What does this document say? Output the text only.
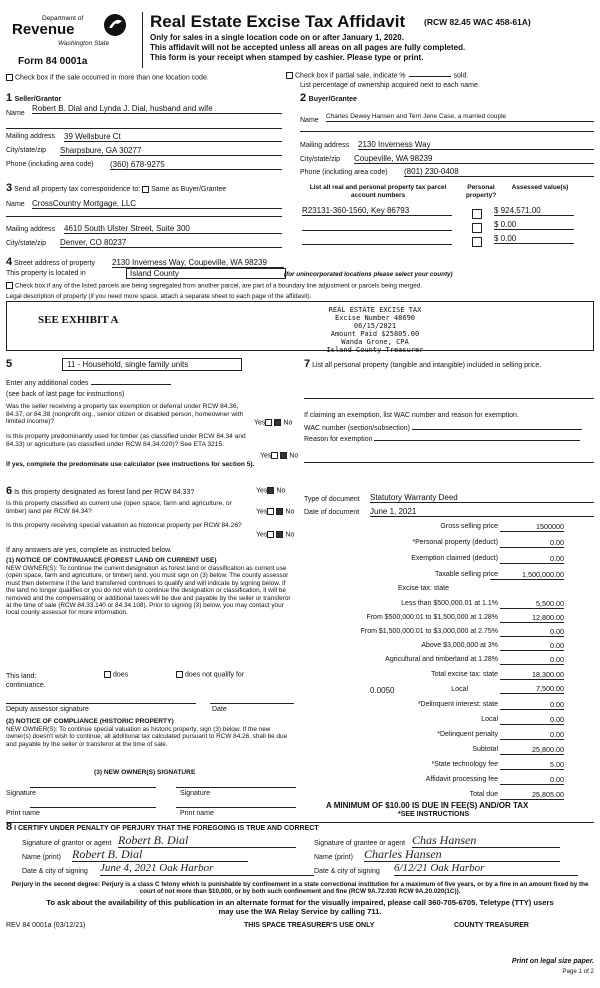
Department of
Revenue
Washington State
Form 84 0001a
Real Estate Excise Tax Affidavit (RCW 82.45 WAC 458-61A)
Only for sales in a single location code on or after January 1, 2020.
This affidavit will not be accepted unless all areas on all pages are fully completed.
This form is your receipt when stamped by cashier. Please type or print.
Check box if the sale occurred in more than one location code.	Check box if partial sale, indicate %	sold.
List percentage of ownership acquired next to each name.
1 Seller/Grantor
Name
Robert B. Dial and Lynda J. Dial, husband and wife
Mailing address 39 Wellsbure Ct
City/state/zip Sharpsbure, GA 30277
Phone (including area code) (360) 678-9275
2 Buyer/Grantee
Name
Charles Dewey Hansen and Terri Jene Case, a married couple
Mailing address 2130 Inverness Way
City/state/zip Coupeville, WA 98239
Phone (including area code) (801) 230-0408
3 Send all property tax correspondence to: Same as Buyer/Grantee
Name CrossCountry Mortgage, LLC
Mailing address 4610 South Ulster Street, Suite 300
City/state/zip Denver, CO 80237
List all real and personal property tax parcel account numbers
Personal property?
Assessed value(s)
R23131-360-1560, Key 86793	$ 924,571.00
$ 0.00
$ 0.00
4 Street address of property 2130 Inverness Way, Coupeville, WA 98239
This property is located in	Island County	(for unincorporated locations please select your county)
Check box if any of the listed parcels are being segregated from another parcel, are part of a boundary line adjustment or parcels being merged.
Legal description of property (if you need more space, attach a separate sheet to each page of the affidavit).
SEE EXHIBIT A
REAL ESTATE EXCISE TAX
Excise Number 48690
06/15/2021
Amount Paid $25805.00
Wanda Grone, CPA
Island County Treasurer
5	11 - Household, single family units
Enter any additional codes
(see back of last page for instructions)
Was the seller receiving a property tax exemption or deferral under RCW 84.36, 84.37, or 84.38 (nonprofit org., senior citizen or disabled person, homeowner with limited income)?	Yes	No
Is this property predominantly used for timber (as classified under RCW 84.34 and 84.33) or agriculture (as classified under RCW 84.34.020)? See ETA 3215.
Yes	No
If yes, complete the predominate use calculator (see instructions for section 5).
6 Is this property designated as forest land per RCW 84.33?	Yes No
Is this property classified as current use (open space, farm and agriculture, or timber) land per RCW 84.34?	Yes	No
Is this property receiving special valuation as historical property per RCW 84.26?
Yes	No
If any answers are yes, complete as instructed below.
(1) NOTICE OF CONTINUANCE (FOREST LAND OR CURRENT USE)
NEW OWNER(S): To continue the current designation as forest land or classification as current use (open space, farm and agriculture, or timber) land, you must sign on (3) below. The county assessor must then determine if the land transferred continues to qualify and will indicate by signing below. If the land no longer qualifies or you do not wish to continue the designation or classification, it will be removed and the compensating or additional taxes will be due and payable by the seller or transferor at the time of sale (RCW 84.33.140 or 84.34.108). Prior to signing (3) below, you may contact your local county assessor for more information.
This land:	does	does not qualify for
continuance.
Deputy assessor signature	Date
(2) NOTICE OF COMPLIANCE (HISTORIC PROPERTY)
NEW OWNER(S): To continue special valuation as historic property, sign (3) below. If the new owner(s) doesn't wish to continue, all additional tax calculated pursuant to RCW 84.26, shall be due and payable by the seller or transferor at the time of sale.
(3) NEW OWNER(S) SIGNATURE
Signature	Signature
Print name	Print name
7 List all personal property (tangible and intangible) included in selling price.
If claiming an exemption, list WAC number and reason for exemption.
WAC number (section/subsection)
Reason for exemption
Type of document Statutory Warranty Deed
Date of document June 1, 2021
Gross selling price	1500000
*Personal property (deduct)	0.00
Exemption claimed (deduct)	0.00
Taxable selling price	1,500,000.00
Excise tax: state
Less than $500,000.01 at 1.1%	5,500.00
From $500,000.01 to $1,500,000 at 1.28%	12,800.00
From $1,500,000.01 to $3,000,000 at 2.75%	0.00
Above $3,000,000 at 3%	0.00
Agricultural and timberland at 1.28%	0.00
Total excise tax: state	18,300.00
0.0050	Local	7,500.00
*Delinquent interest: state	0.00
Local	0.00
*Delinquent penalty	0.00
Subtotal	25,800.00
*State technology fee	5.00
Affidavit processing fee	0.00
Total due	25,805.00
A MINIMUM OF $10.00 IS DUE IN FEE(S) AND/OR TAX
*SEE INSTRUCTIONS
8 I CERTIFY UNDER PENALTY OF PERJURY THAT THE FOREGOING IS TRUE AND CORRECT
Signature of grantor or agent Robert B. Dial	Signature of grantee or agent Chas Hansen
Name (print) Robert B. Dial	Name (print) Charles Hansen
Date & city of signing June 4, 2021 Oak Harbor	Date & city of signing 6/12/21 Oak Harbor
Perjury in the second degree: Perjury is a class C felony which is punishable by confinement in a state correctional institution for a maximum of five years, or by a fine in an amount fixed by the court of not more than $10,000, or by both such confinement and fine (RCW 9A.72.030 RCW 9A.20.020(1C)).
To ask about the availability of this publication in an alternate format for the visually impaired, please call 360-705-6705. Teletype (TTY) users may use the WA Relay Service by calling 711.
REV 84 0001a (03/12/21)	THIS SPACE TREASURER'S USE ONLY	COUNTY TREASURER
Print on legal size paper.
Page 1 of 2
